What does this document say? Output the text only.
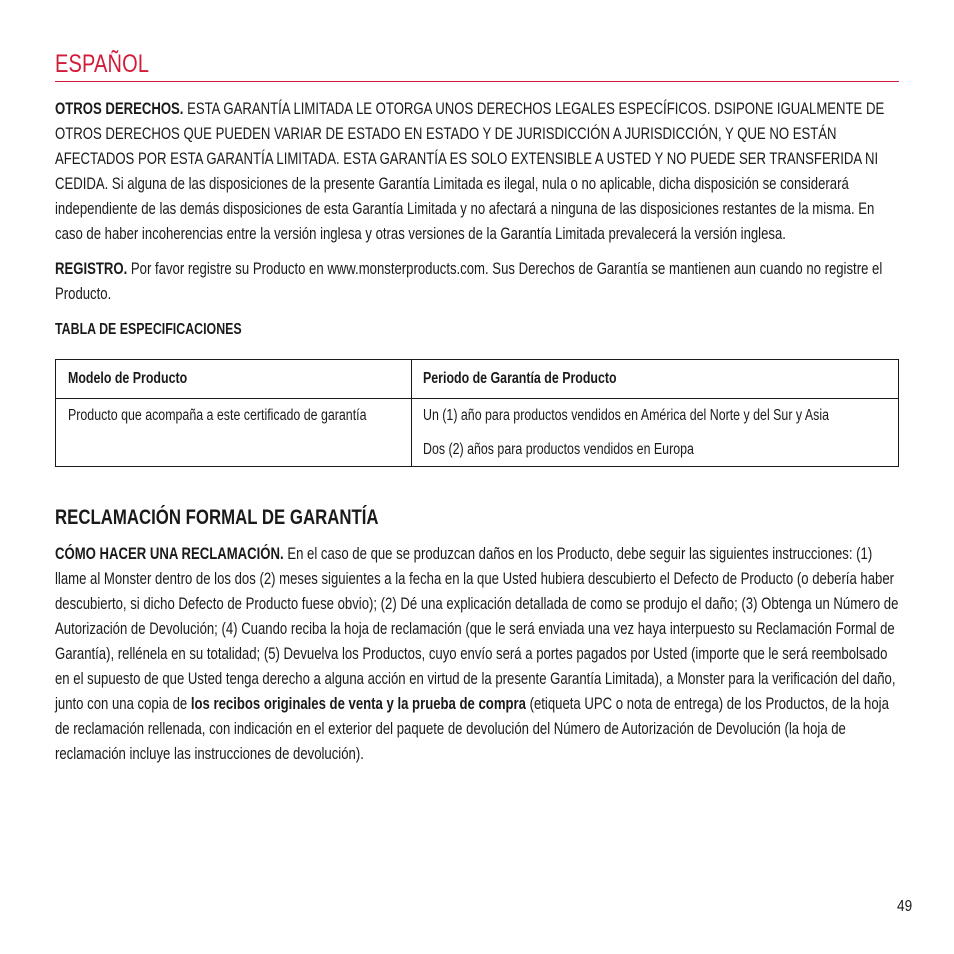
ESPAÑOL
OTROS DERECHOS. ESTA GARANTÍA LIMITADA LE OTORGA UNOS DERECHOS LEGALES ESPECÍFICOS. DSIPONE IGUALMENTE DE OTROS DERECHOS QUE PUEDEN VARIAR DE ESTADO EN ESTADO Y DE JURISDICCIÓN A JURISDICCIÓN, Y QUE NO ESTÁN AFECTADOS POR ESTA GARANTÍA LIMITADA. ESTA GARANTÍA ES SOLO EXTENSIBLE A USTED Y NO PUEDE SER TRANSFERIDA NI CEDIDA. Si alguna de las disposiciones de la presente Garantía Limitada es ilegal, nula o no aplicable, dicha disposición se considerará independiente de las demás disposiciones de esta Garantía Limitada y no afectará a ninguna de las disposiciones restantes de la misma. En caso de haber incoherencias entre la versión inglesa y otras versiones de la Garantía Limitada prevalecerá la versión inglesa.
REGISTRO. Por favor registre su Producto en www.monsterproducts.com. Sus Derechos de Garantía se mantienen aun cuando no registre el Producto.
TABLA DE ESPECIFICACIONES
Modelo de Producto	Periodo de Garantía de Producto
Producto que acompaña a este certificado de garantía	Un (1) año para productos vendidos en América del Norte y del Sur y Asia
Dos (2) años para productos vendidos en Europa
RECLAMACIÓN FORMAL DE GARANTÍA
CÓMO HACER UNA RECLAMACIÓN. En el caso de que se produzcan daños en los Producto, debe seguir las siguientes instrucciones: (1) llame al Monster dentro de los dos (2) meses siguientes a la fecha en la que Usted hubiera descubierto el Defecto de Producto (o debería haber descubierto, si dicho Defecto de Producto fuese obvio); (2) Dé una explicación detallada de como se produjo el daño; (3) Obtenga un Número de Autorización de Devolución; (4) Cuando reciba la hoja de reclamación (que le será enviada una vez haya interpuesto su Reclamación Formal de Garantía), rellénela en su totalidad; (5) Devuelva los Productos, cuyo envío será a portes pagados por Usted (importe que le será reembolsado en el supuesto de que Usted tenga derecho a alguna acción en virtud de la presente Garantía Limitada), a Monster para la verificación del daño, junto con una copia de los recibos originales de venta y la prueba de compra (etiqueta UPC o nota de entrega) de los Productos, de la hoja de reclamación rellenada, con indicación en el exterior del paquete de devolución del Número de Autorización de Devolución (la hoja de reclamación incluye las instrucciones de devolución).
49
